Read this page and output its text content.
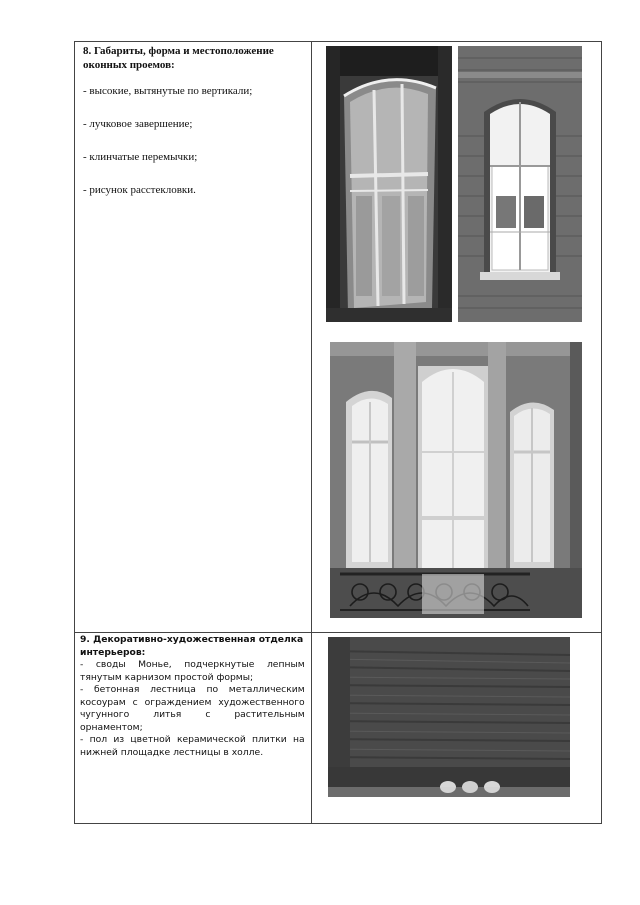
8. Габариты, форма и местоположение оконных проемов:
- высокие, вытянутые по вертикали;
- лучковое завершение;
- клинчатые перемычки;
- рисунок расстекловки.

9. Декоративно-художественная отделка интерьеров:
- своды Монье, подчеркнутые лепным тянутым карнизом простой формы;
- бетонная лестница по металлическим косоурам с ограждением художественного чугунного литья с растительным орнаментом;
- пол из цветной керамической плитки на нижней площадке лестницы в холле.
